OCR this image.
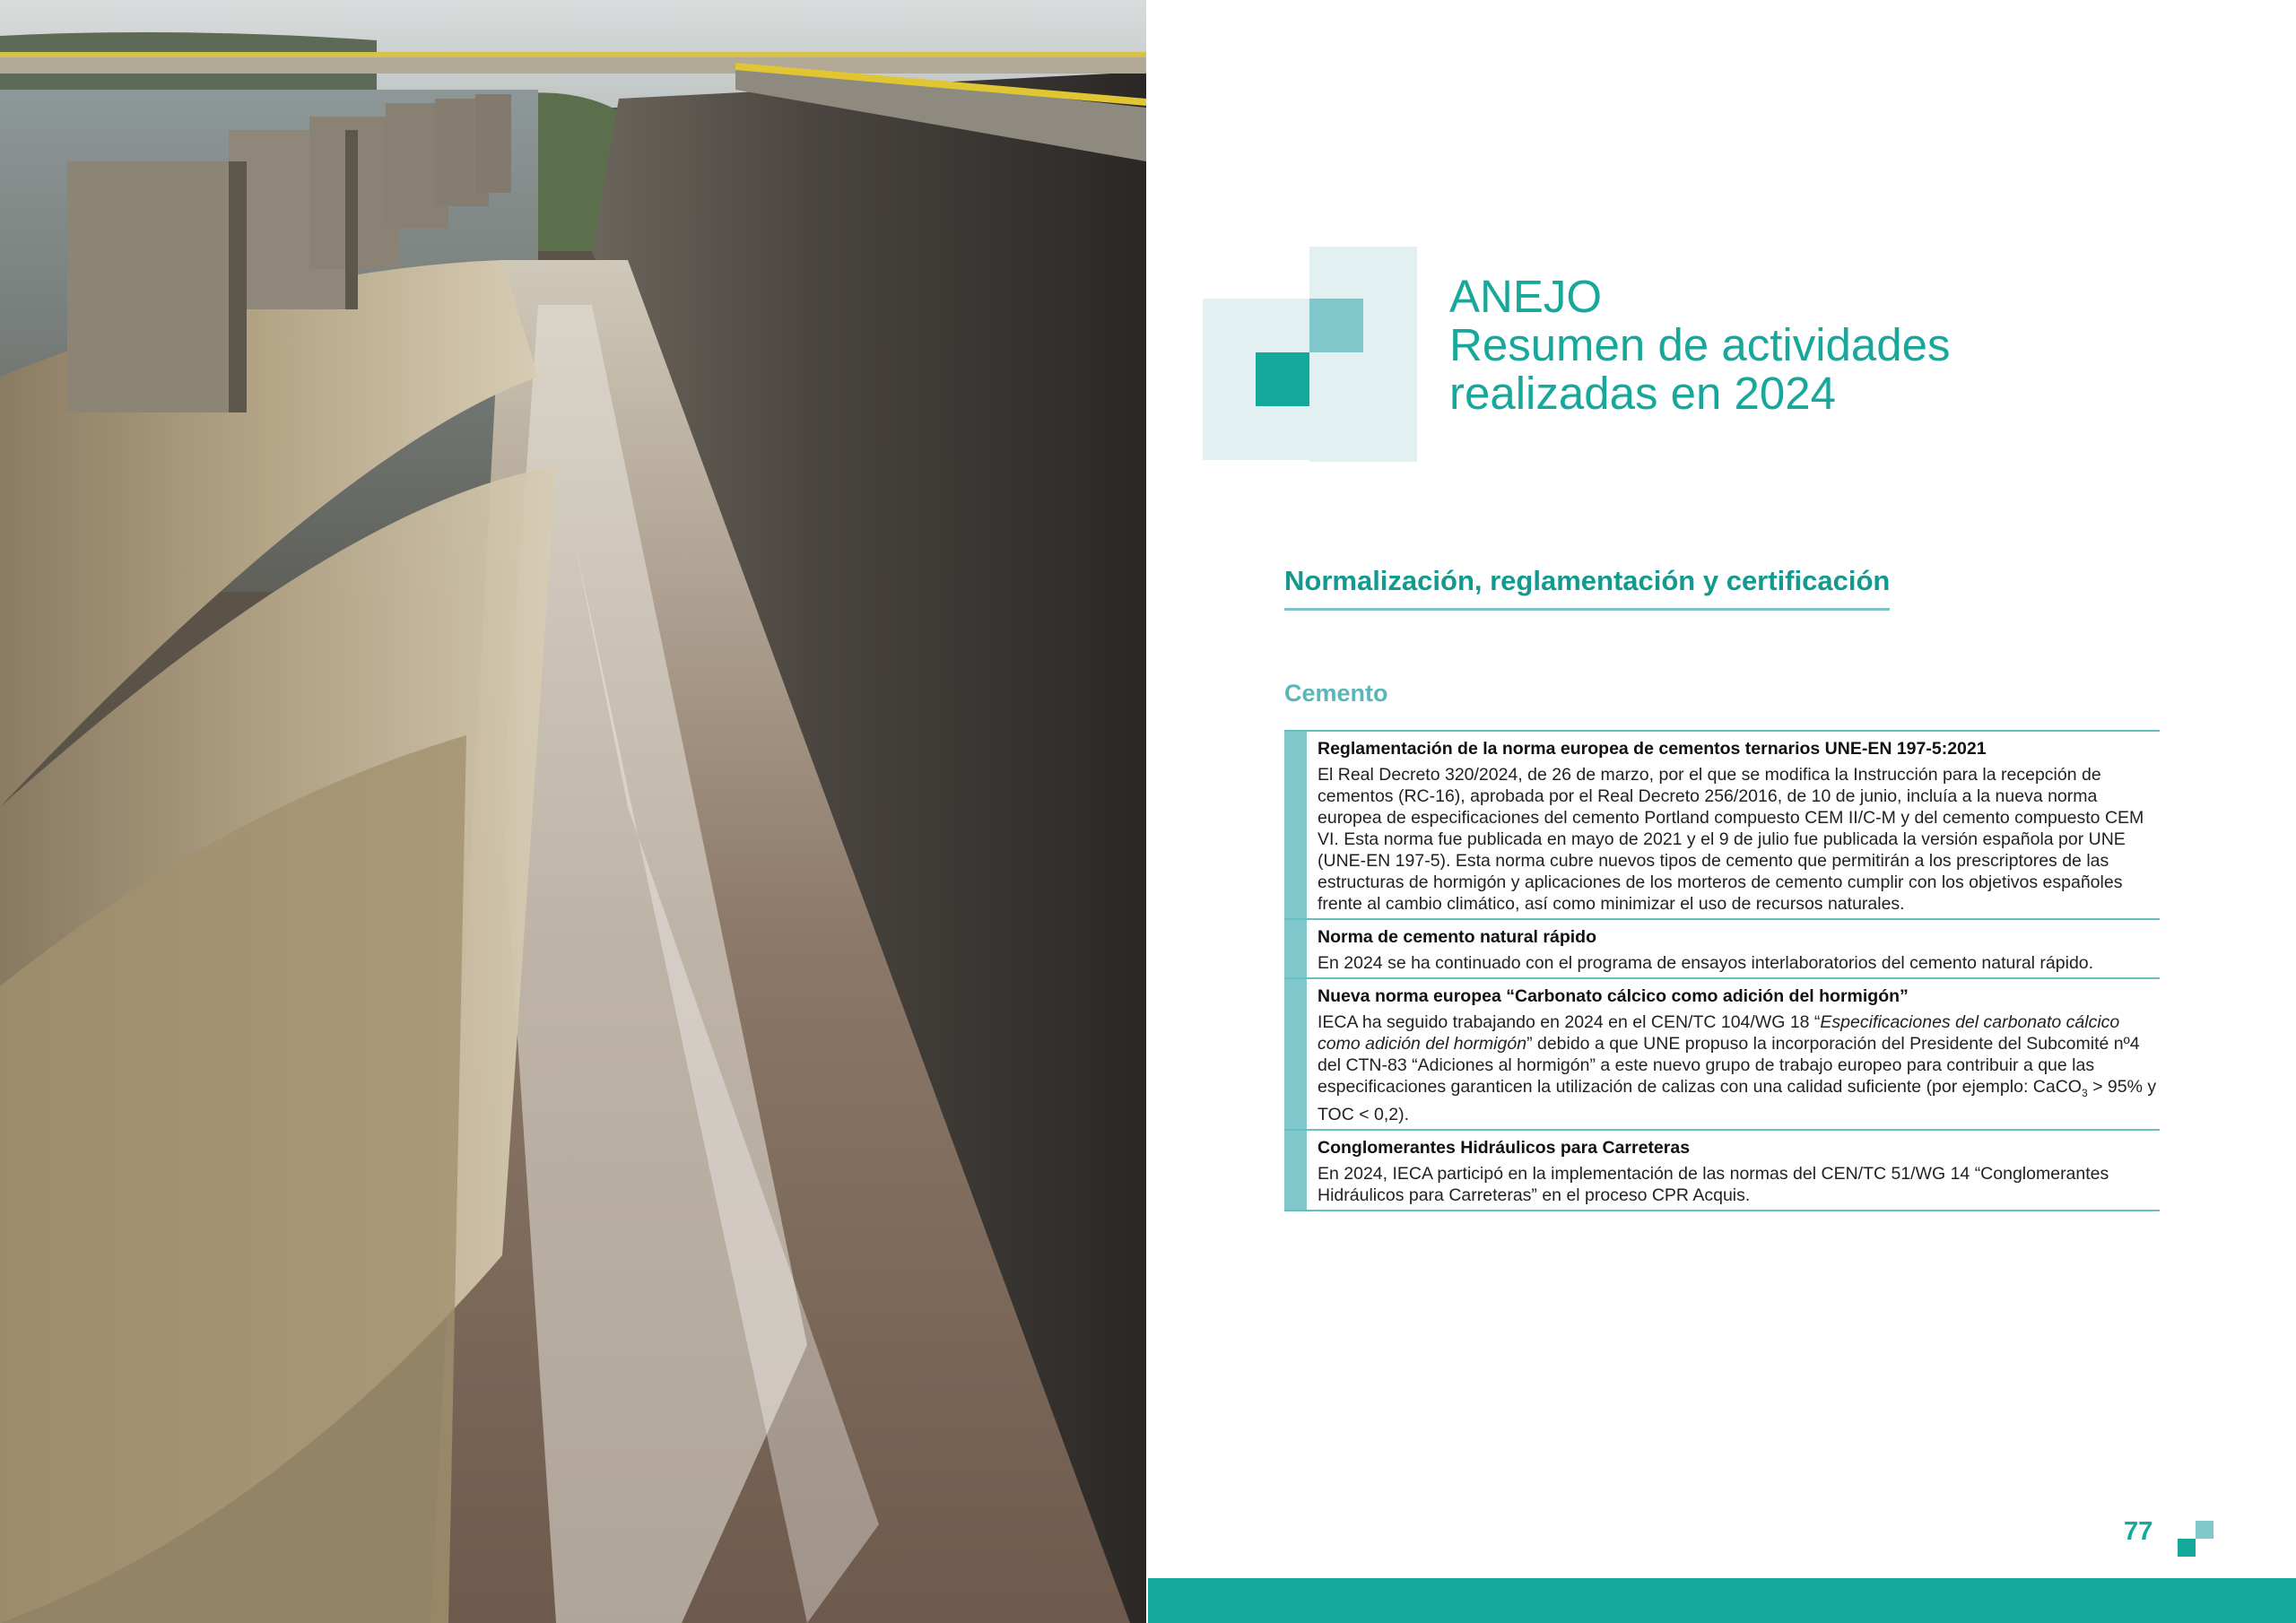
ANEJO
Resumen de actividades
realizadas en 2024
Normalización, reglamentación y certificación
Cemento
Reglamentación de la norma europea de cementos ternarios UNE-EN 197-5:2021
El Real Decreto 320/2024, de 26 de marzo, por el que se modifica la Instrucción para la recepción de cementos (RC-16), aprobada por el Real Decreto 256/2016, de 10 de junio, incluía a la nueva norma europea de especificaciones del cemento Portland compuesto CEM II/C-M y del cemento compuesto CEM VI. Esta norma fue publicada en mayo de 2021 y el 9 de julio fue publicada la versión española por UNE (UNE-EN 197-5). Esta norma cubre nuevos tipos de cemento que permitirán a los prescriptores de las estructuras de hormigón y aplicaciones de los morteros de cemento cumplir con los objetivos españoles frente al cambio climático, así como minimizar el uso de recursos naturales.
Norma de cemento natural rápido
En 2024 se ha continuado con el programa de ensayos interlaboratorios del cemento natural rápido.
Nueva norma europea “Carbonato cálcico como adición del hormigón”
IECA ha seguido trabajando en 2024 en el CEN/TC 104/WG 18 “Especificaciones del carbonato cálcico como adición del hormigón” debido a que UNE propuso la incorporación del Presidente del Subcomité nº4 del CTN-83 “Adiciones al hormigón” a este nuevo grupo de trabajo europeo para contribuir a que las especificaciones garanticen la utilización de calizas con una calidad suficiente (por ejemplo: CaCO$_3$ > 95% y TOC < 0,2).
Conglomerantes Hidráulicos para Carreteras
En 2024, IECA participó en la implementación de las normas del CEN/TC 51/WG 14 “Conglomerantes Hidráulicos para Carreteras” en el proceso CPR Acquis.
77
